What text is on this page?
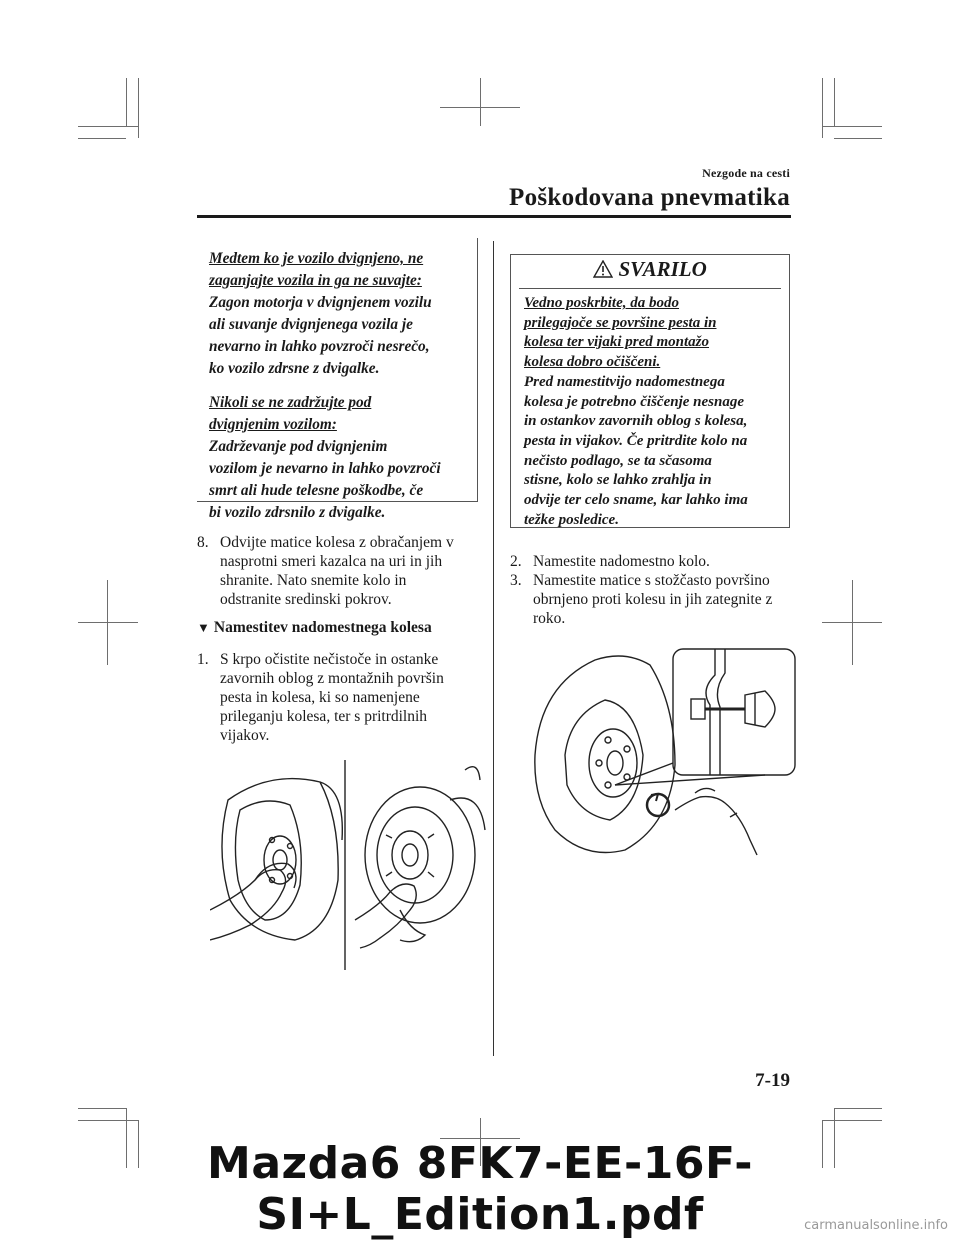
Nezgode na cesti
Poškodovana pnevmatika

Medtem ko je vozilo dvignjeno, ne
zaganjajte vozila in ga ne suvajte:
Zagon motorja v dvignjenem vozilu
ali suvanje dvignjenega vozila je
nevarno in lahko povzroči nesrečo,
ko vozilo zdrsne z dvigalke.

Nikoli se ne zadržujte pod
dvignjenim vozilom:
Zadrževanje pod dvignjenim
vozilom je nevarno in lahko povzroči
smrt ali hude telesne poškodbe, če
bi vozilo zdrsnilo z dvigalke.

8. Odvijte matice kolesa z obračanjem v
nasprotni smeri kazalca na uri in jih
shranite. Nato snemite kolo in
odstranite sredinski pokrov.
▼ Namestitev nadomestnega kolesa
1. S krpo očistite nečistoče in ostanke
zavornih oblog z montažnih površin
pesta in kolesa, ki so namenjene
prileganju kolesa, ter s pritrdilnih
vijakov.
SVARILO

Vedno poskrbite, da bodo
prilegajoče se površine pesta in
kolesa ter vijaki pred montažo
kolesa dobro očiščeni.
Pred namestitvijo nadomestnega
kolesa je potrebno čiščenje nesnage
in ostankov zavornih oblog s kolesa,
pesta in vijakov. Če pritrdite kolo na
nečisto podlago, se ta sčasoma
stisne, kolo se lahko zrahlja in
odvije ter celo sname, kar lahko ima
težke posledice.

Namestite nadomestno kolo.
2.
3. Namestite matice s stožčasto površino
obrnjeno proti kolesu in jih zategnite z
roko.
7-19
Mazda6 8FK7-EE-16F-SI+L_Edition1.pdf	carmanualsonline.info
